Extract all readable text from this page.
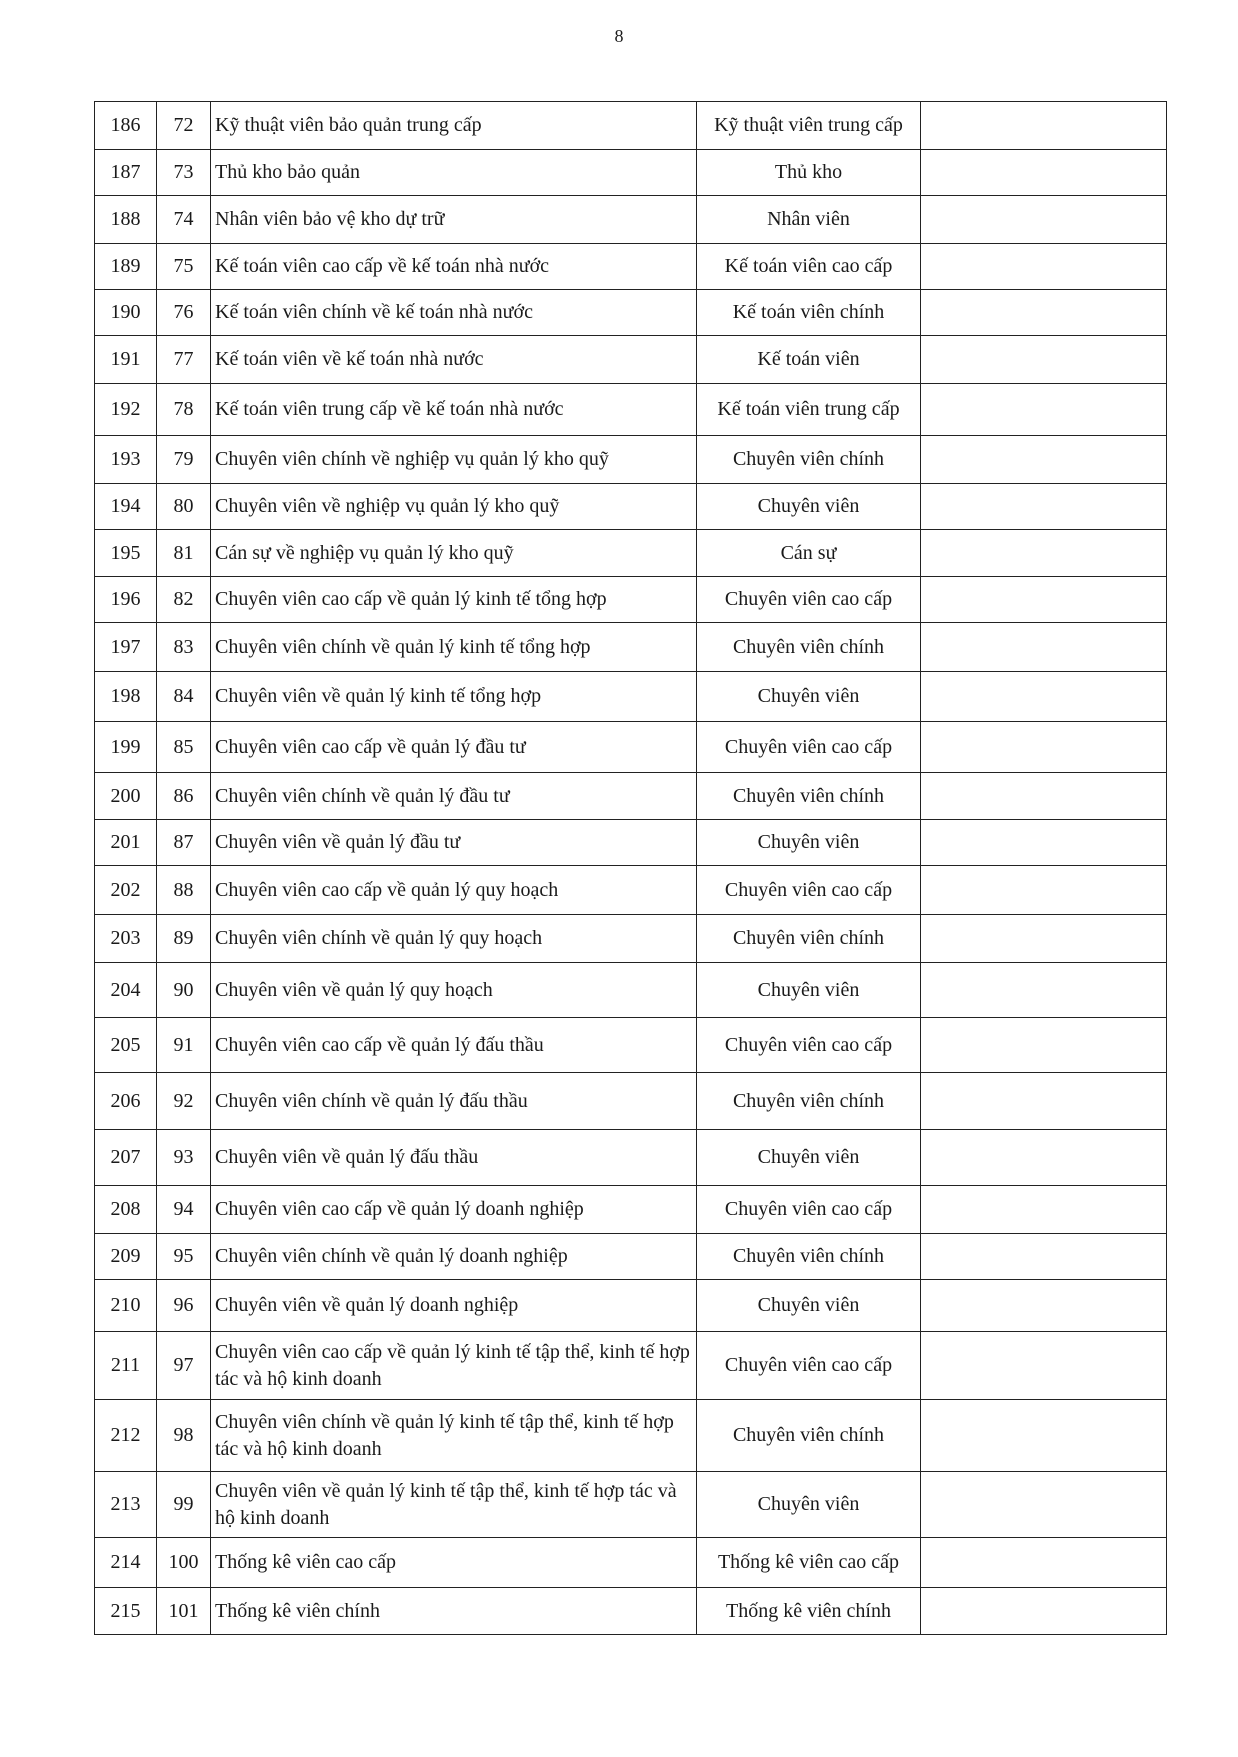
8
186	72	Kỹ thuật viên bảo quản trung cấp	Kỹ thuật viên trung cấp	
187	73	Thủ kho bảo quản	Thủ kho	
188	74	Nhân viên bảo vệ kho dự trữ	Nhân viên	
189	75	Kế toán viên cao cấp về kế toán nhà nước	Kế toán viên cao cấp	
190	76	Kế toán viên chính về kế toán nhà nước	Kế toán viên chính	
191	77	Kế toán viên về kế toán nhà nước	Kế toán viên	
192	78	Kế toán viên trung cấp về kế toán nhà nước	Kế toán viên trung cấp	
193	79	Chuyên viên chính về nghiệp vụ quản lý kho quỹ	Chuyên viên chính	
194	80	Chuyên viên về nghiệp vụ quản lý kho quỹ	Chuyên viên	
195	81	Cán sự về nghiệp vụ quản lý kho quỹ	Cán sự	
196	82	Chuyên viên cao cấp về quản lý kinh tế tổng hợp	Chuyên viên cao cấp	
197	83	Chuyên viên chính về quản lý kinh tế tổng hợp	Chuyên viên chính	
198	84	Chuyên viên về quản lý kinh tế tổng hợp	Chuyên viên	
199	85	Chuyên viên cao cấp về quản lý đầu tư	Chuyên viên cao cấp	
200	86	Chuyên viên chính về quản lý đầu tư	Chuyên viên chính	
201	87	Chuyên viên về quản lý đầu tư	Chuyên viên	
202	88	Chuyên viên cao cấp về quản lý quy hoạch	Chuyên viên cao cấp	
203	89	Chuyên viên chính về quản lý quy hoạch	Chuyên viên chính	
204	90	Chuyên viên về quản lý quy hoạch	Chuyên viên	
205	91	Chuyên viên cao cấp về quản lý đấu thầu	Chuyên viên cao cấp	
206	92	Chuyên viên chính về quản lý đấu thầu	Chuyên viên chính	
207	93	Chuyên viên về quản lý đấu thầu	Chuyên viên	
208	94	Chuyên viên cao cấp về quản lý doanh nghiệp	Chuyên viên cao cấp	
209	95	Chuyên viên chính về quản lý doanh nghiệp	Chuyên viên chính	
210	96	Chuyên viên về quản lý doanh nghiệp	Chuyên viên	
211	97	Chuyên viên cao cấp về quản lý kinh tế tập thể, kinh tế hợp tác và hộ kinh doanh	Chuyên viên cao cấp	
212	98	Chuyên viên chính về quản lý kinh tế tập thể, kinh tế hợp tác và hộ kinh doanh	Chuyên viên chính	
213	99	Chuyên viên về quản lý kinh tế tập thể, kinh tế hợp tác và hộ kinh doanh	Chuyên viên	
214	100	Thống kê viên cao cấp	Thống kê viên cao cấp	
215	101	Thống kê viên chính	Thống kê viên chính	
